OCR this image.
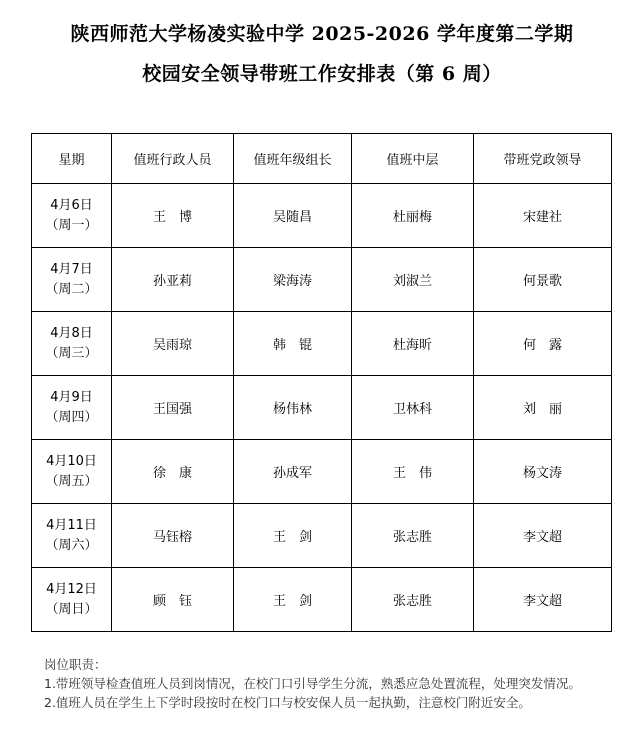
陕西师范大学杨凌实验中学 2025-2026 学年度第二学期
校园安全领导带班工作安排表（第 6 周）
星期	值班行政人员	值班年级组长	值班中层	带班党政领导

4月6日
（周一）	王　博	吴随昌	杜丽梅	宋建社

4月7日
（周二）	孙亚莉	梁海涛	刘淑兰	何景歌

4月8日
（周三）	吴雨琼	韩　锟	杜海昕	何　露

4月9日
（周四）	王国强	杨伟林	卫林科	刘　丽

4月10日
（周五）	徐　康	孙成军	王　伟	杨文涛

4月11日
（周六）	马钰榕	王　剑	张志胜	李文超

4月12日
（周日）	顾　钰	王　剑	张志胜	李文超

岗位职责：

1.带班领导检查值班人员到岗情况，在校门口引导学生分流，熟悉应急处置流程，处理突发情况。

2.值班人员在学生上下学时段按时在校门口与校安保人员一起执勤，注意校门附近安全。
